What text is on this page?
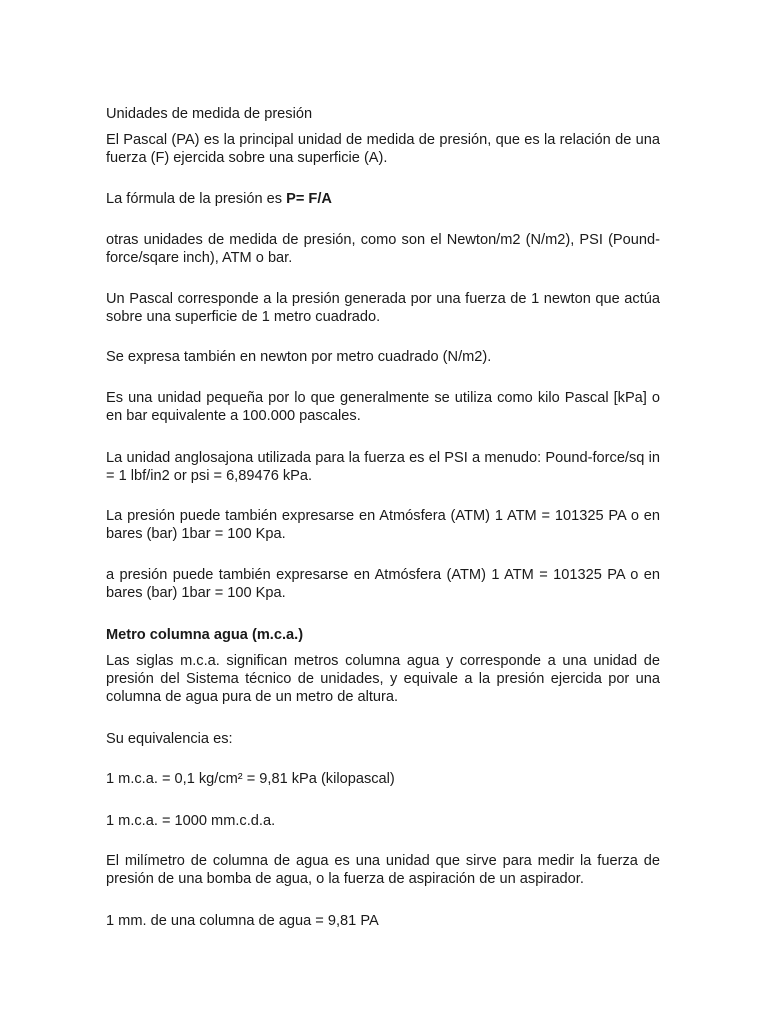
Unidades de medida de presión

El Pascal (PA) es la principal unidad de medida de presión, que es la relación de una fuerza (F) ejercida sobre una superficie (A).

La fórmula de la presión es P= F/A

otras unidades de medida de presión, como son el Newton/m2 (N/m2), PSI (Pound-force/sqare inch), ATM o bar.

Un Pascal corresponde a la presión generada por una fuerza de 1 newton que actúa sobre una superficie de 1 metro cuadrado.

Se expresa también en newton por metro cuadrado (N/m2).

Es una unidad pequeña por lo que generalmente se utiliza como kilo Pascal [kPa] o en bar equivalente a 100.000 pascales.

La unidad anglosajona utilizada para la fuerza es el PSI a menudo: Pound-force/sq in = 1 lbf/in2 or psi = 6,89476 kPa.

La presión puede también expresarse en Atmósfera (ATM) 1 ATM = 101325 PA o en bares (bar) 1bar = 100 Kpa.

a presión puede también expresarse en Atmósfera (ATM) 1 ATM = 101325 PA o en bares (bar) 1bar = 100 Kpa.

Metro columna agua (m.c.a.)

Las siglas m.c.a. significan metros columna agua y corresponde a una unidad de presión del Sistema técnico de unidades, y equivale a la presión ejercida por una columna de agua pura de un metro de altura.

Su equivalencia es:

1 m.c.a. = 0,1 kg/cm² = 9,81 kPa (kilopascal)

1 m.c.a. = 1000 mm.c.d.a.

El milímetro de columna de agua es una unidad que sirve para medir la fuerza de presión de una bomba de agua, o la fuerza de aspiración de un aspirador.

1 mm. de una columna de agua = 9,81 PA
